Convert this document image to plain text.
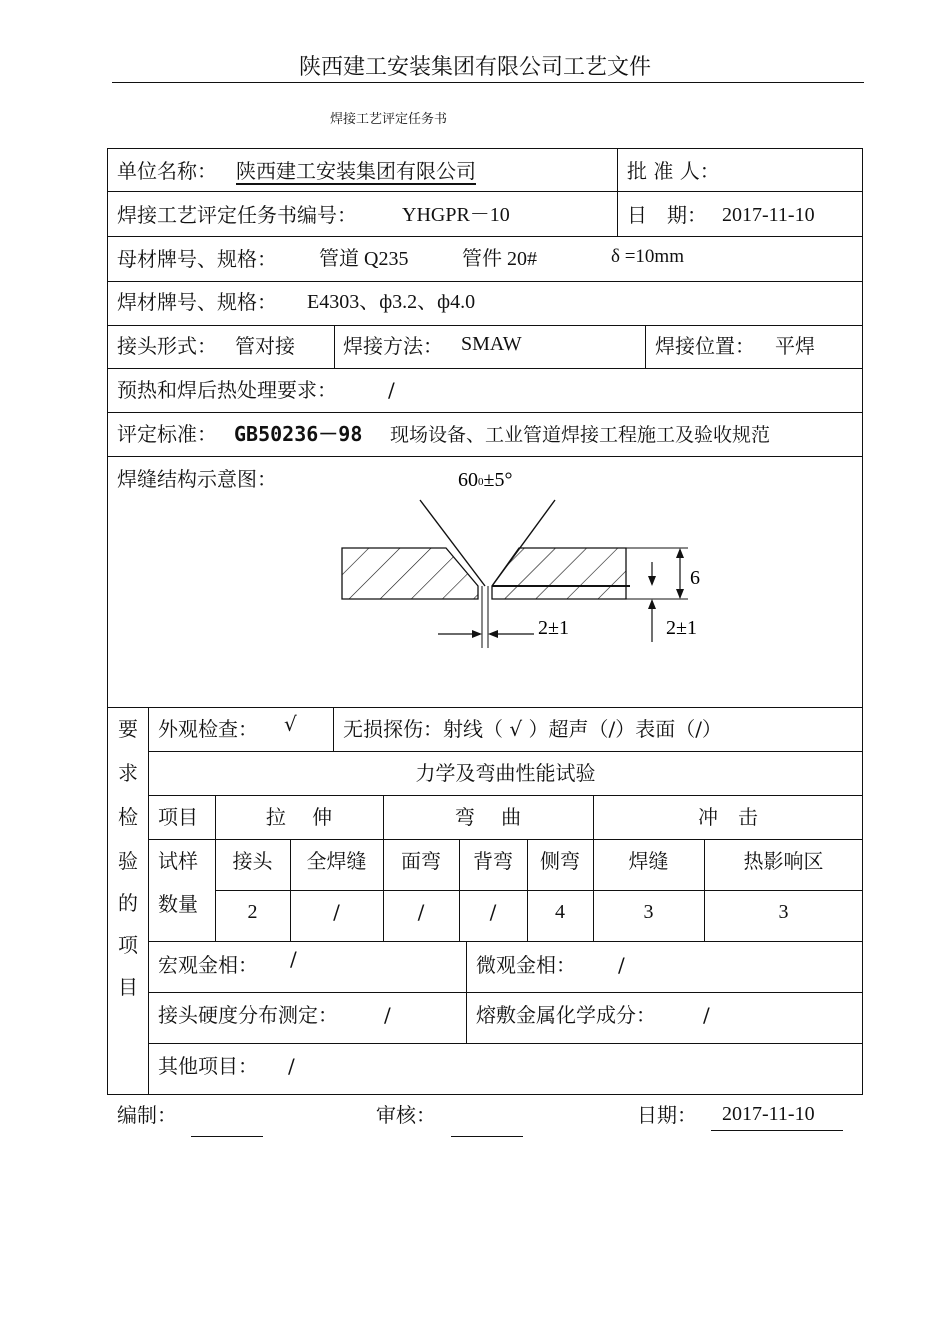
陕西建工安装集团有限公司工艺文件
焊接工艺评定任务书
单位名称： 陕西建工安装集团有限公司	批 准 人：
焊接工艺评定任务书编号： YHGPR－10	日　期： 2017-11-10
母材牌号、规格： 管道 Q235	管件 20#	δ =10mm
焊材牌号、规格： E4303、ф3.2、ф4.0
接头形式： 管对接 焊接方法： SMAW	焊接位置： 平焊
预热和焊后热处理要求：	/
评定标准： GB50236－98 现场设备、工业管道焊接工程施工及验收规范
焊缝结构示意图：	600±5°
2±1
6
2±1
要
求
检
验
的
项
目
外观检查： √ 无损探伤：射线（ √ ）超声（/）表面（/）
力学及弯曲性能试验
项目	拉　 伸	弯　 曲	冲　击
试样
数量
接头	全焊缝	面弯	背弯	侧弯	焊缝	热影响区
2	/	/	/	4	3	3
宏观金相： /	微观金相： /
接头硬度分布测定： /	熔敷金属化学成分： /
其他项目： /
编制：	审核：	日期： 2017-11-10
